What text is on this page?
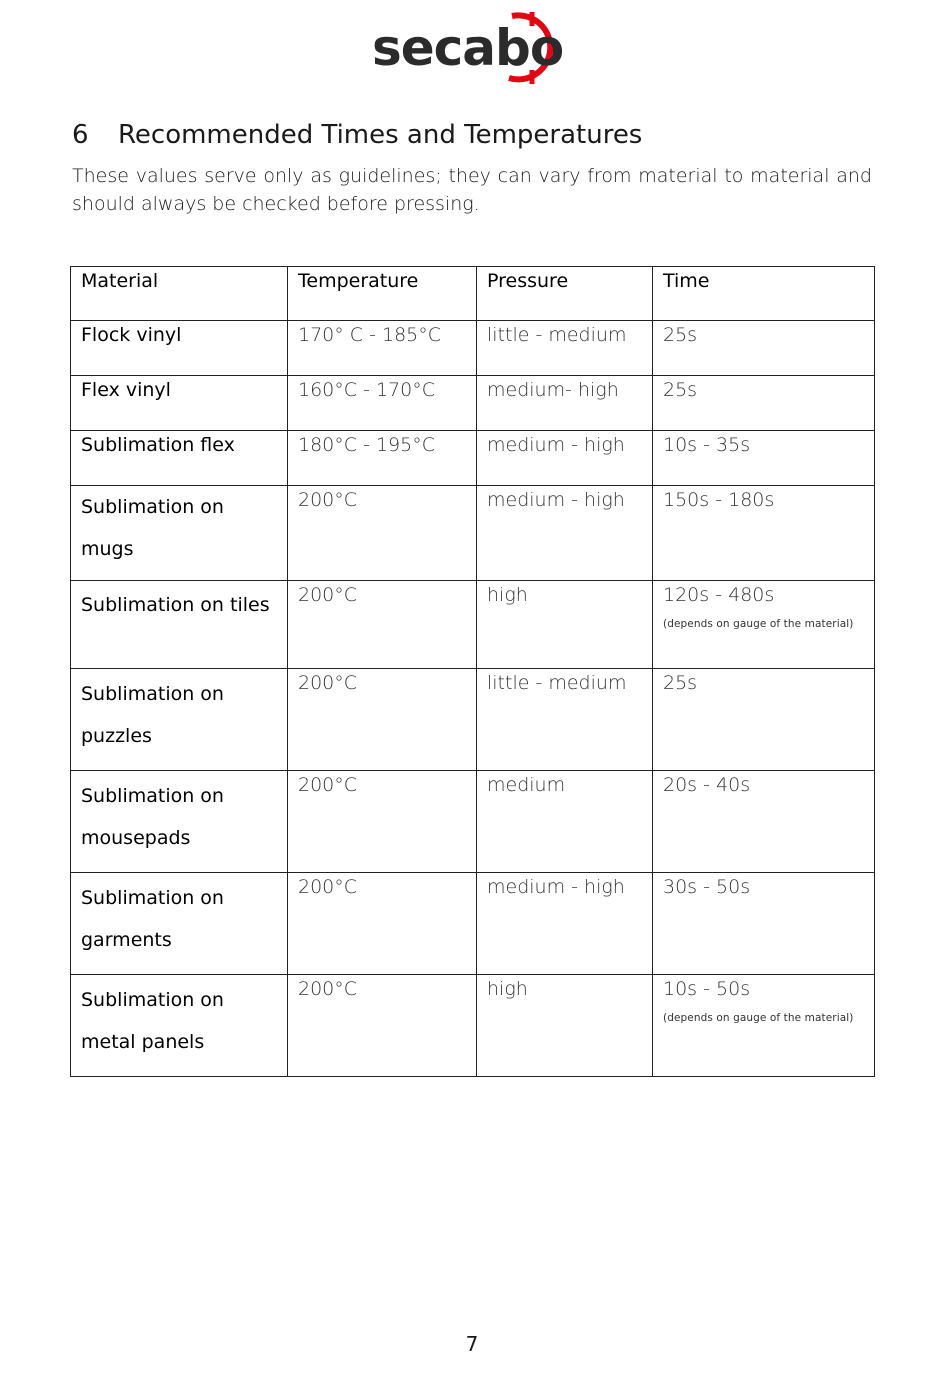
secabo
6 Recommended Times and Temperatures
These values serve only as guidelines; they can vary from material to material and should always be checked before pressing.
Material	Temperature	Pressure	Time
Flock vinyl	170° C - 185°C	little - medium	25s
Flex vinyl	160°C - 170°C	medium- high	25s
Sublimation flex	180°C - 195°C	medium - high	10s - 35s

Sublimation on mugs	200°C	medium - high	150s - 180s

Sublimation on tiles	200°C	high	120s - 480s
(depends on gauge of the material)

Sublimation on puzzles	200°C	little - medium	25s

Sublimation on mousepads	200°C	medium	20s - 40s

Sublimation on garments	200°C	medium - high	30s - 50s

Sublimation on metal panels	200°C	high	10s - 50s
(depends on gauge of the material)
7
